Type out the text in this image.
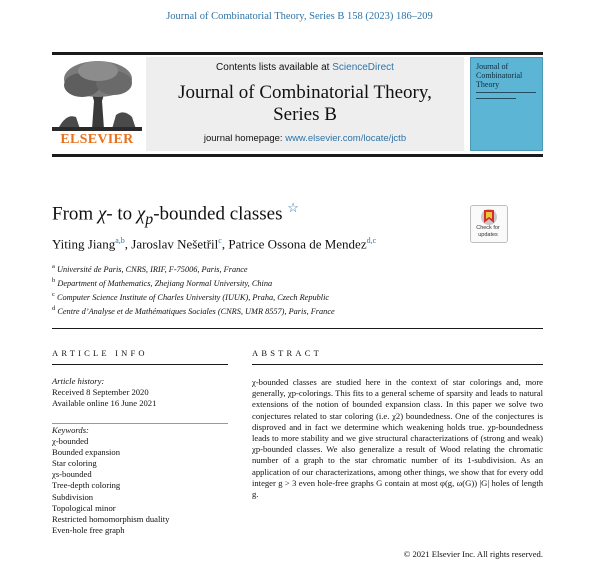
Journal of Combinatorial Theory, Series B 158 (2023) 186–209
ELSEVIER
Contents lists available at ScienceDirect
Journal of Combinatorial Theory,
Series B
journal homepage: www.elsevier.com/locate/jctb
Journal of Combinatorial Theory
From χ- to $\chi_p$-bounded classes ☆
Check for updates
Yiting Jiang$^{a,b}$, Jaroslav Nešetřil$^c$, Patrice Ossona de Mendez$^{d,c}$
$^a$ Université de Paris, CNRS, IRIF, F-75006, Paris, France
$^b$ Department of Mathematics, Zhejiang Normal University, China
$^c$ Computer Science Institute of Charles University (IUUK), Praha, Czech Republic
$^d$ Centre d’Analyse et de Mathématiques Sociales (CNRS, UMR 8557), Paris, France
ARTICLE INFO	ABSTRACT
Article history:
Received 8 September 2020
Available online 16 June 2021
Keywords:
χ-bounded
Bounded expansion
Star coloring
χs-bounded
Tree-depth coloring
Subdivision
Topological minor
Restricted homomorphism duality
Even-hole free graph

χ-bounded classes are studied here in the context of star colorings and, more generally, χp-colorings. This fits to a general scheme of sparsity and leads to natural extensions of the notion of bounded expansion class. In this paper we solve two conjectures related to star coloring (i.e. χ2) boundedness. One of the conjectures is disproved and in fact we determine which weakening holds true. χp-boundedness leads to more stability and we give structural characterizations of (strong and weak) χp-bounded classes. We also generalize a result of Wood relating the chromatic number of a graph to the star chromatic number of its 1-subdivision. As an application of our characterizations, among other things, we show that for every odd integer g > 3 even hole-free graphs G contain at most φ(g, ω(G)) |G| holes of length g.

© 2021 Elsevier Inc. All rights reserved.
